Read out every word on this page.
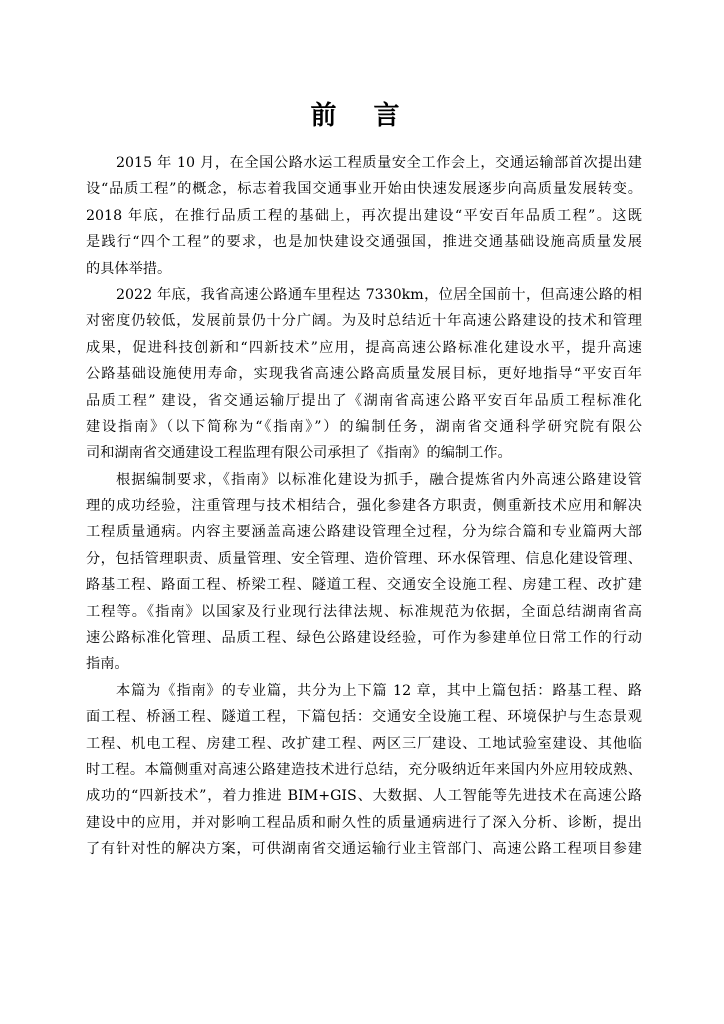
前 言

2015 年 10 月，在全国公路水运工程质量安全工作会上，交通运输部首次提出建
设“品质工程”的概念，标志着我国交通事业开始由快速发展逐步向高质量发展转变。
2018 年底，在推行品质工程的基础上，再次提出建设“平安百年品质工程”。这既
是践行“四个工程”的要求，也是加快建设交通强国，推进交通基础设施高质量发展
的具体举措。

2022 年底，我省高速公路通车里程达 7330km，位居全国前十，但高速公路的相
对密度仍较低，发展前景仍十分广阔。为及时总结近十年高速公路建设的技术和管理
成果，促进科技创新和“四新技术”应用，提高高速公路标准化建设水平，提升高速
公路基础设施使用寿命，实现我省高速公路高质量发展目标，更好地指导“平安百年
品质工程” 建设，省交通运输厅提出了《湖南省高速公路平安百年品质工程标准化
建设指南》（以下简称为“《指南》”）的编制任务，湖南省交通科学研究院有限公
司和湖南省交通建设工程监理有限公司承担了《指南》的编制工作。

根据编制要求，《指南》以标准化建设为抓手，融合提炼省内外高速公路建设管
理的成功经验，注重管理与技术相结合，强化参建各方职责，侧重新技术应用和解决
工程质量通病。内容主要涵盖高速公路建设管理全过程，分为综合篇和专业篇两大部
分，包括管理职责、质量管理、安全管理、造价管理、环水保管理、信息化建设管理、
路基工程、路面工程、桥梁工程、隧道工程、交通安全设施工程、房建工程、改扩建
工程等。《指南》以国家及行业现行法律法规、标准规范为依据，全面总结湖南省高
速公路标准化管理、品质工程、绿色公路建设经验，可作为参建单位日常工作的行动
指南。

本篇为《指南》的专业篇，共分为上下篇 12 章，其中上篇包括：路基工程、路
面工程、桥涵工程、隧道工程，下篇包括：交通安全设施工程、环境保护与生态景观
工程、机电工程、房建工程、改扩建工程、两区三厂建设、工地试验室建设、其他临
时工程。本篇侧重对高速公路建造技术进行总结，充分吸纳近年来国内外应用较成熟、
成功的“四新技术”，着力推进 BIM+GIS、大数据、人工智能等先进技术在高速公路
建设中的应用，并对影响工程品质和耐久性的质量通病进行了深入分析、诊断，提出
了有针对性的解决方案，可供湖南省交通运输行业主管部门、高速公路工程项目参建
